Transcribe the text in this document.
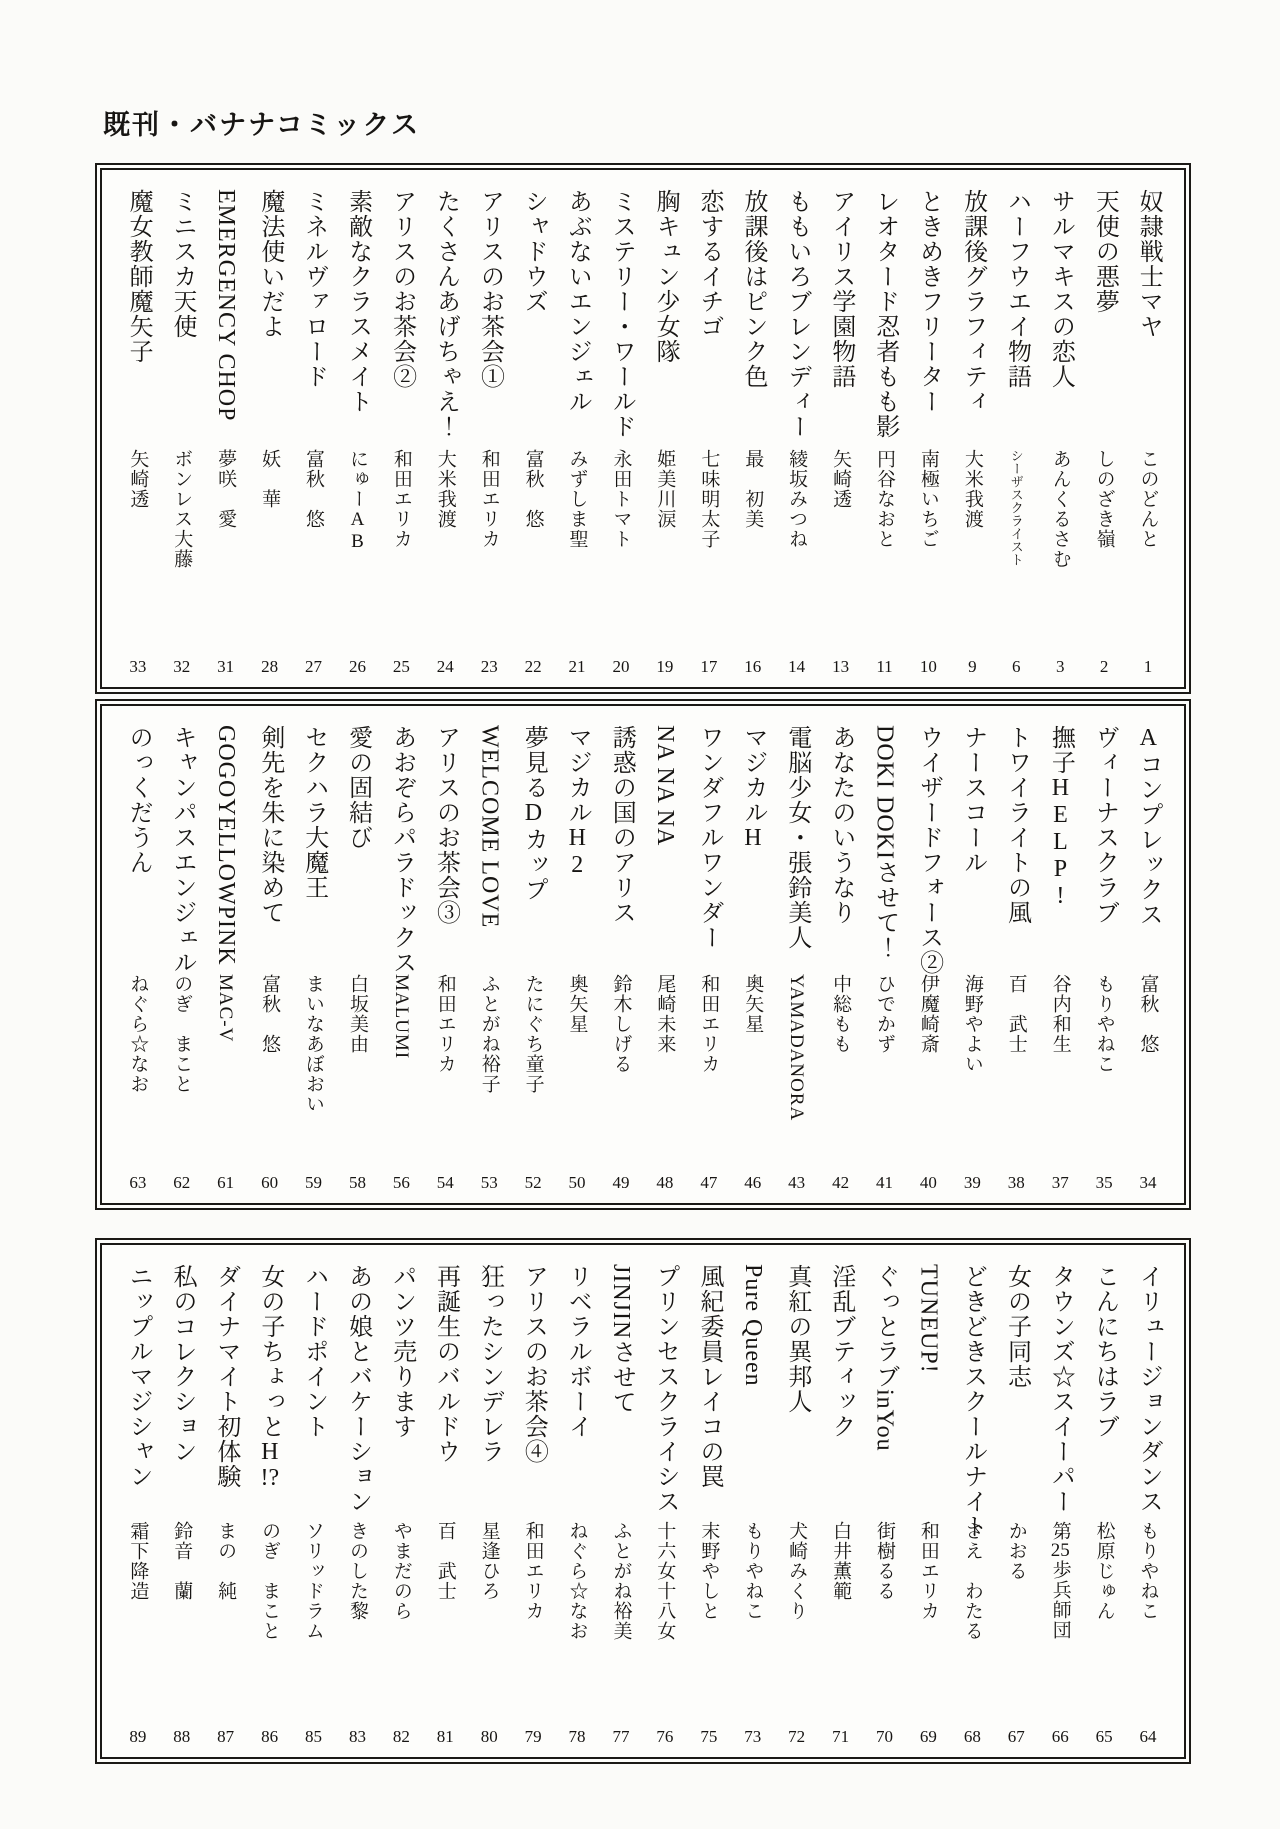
既刊・バナナコミックス
奴隷戦士マヤ
このどんと
1
天使の悪夢
しのざき嶺
2
サルマキスの恋人
あんくるさむ
3
ハーフウエイ物語
シーザスクライスト
6
放課後グラフィティ
大米我渡
9
ときめきフリーター
南極いちご
10
レオタード忍者もも影
円谷なおと
11
アイリス学園物語
矢崎透
13
ももいろブレンディー
綾坂みつね
14
放課後はピンク色
最　初美
16
恋するイチゴ
七味明太子
17
胸キュン少女隊
姫美川涙
19
ミステリー・ワールド
永田トマト
20
あぶないエンジェル
みずしま聖
21
シャドウズ
富秋　悠
22
アリスのお茶会①
和田エリカ
23
たくさんあげちゃえ！
大米我渡
24
アリスのお茶会②
和田エリカ
25
素敵なクラスメイト
にゅーAB
26
ミネルヴァロード
富秋　悠
27
魔法使いだよ
妖　華
28
EMERGENCY CHOP
夢咲　愛
31
ミニスカ天使
ボンレス大藤
32
魔女教師魔矢子
矢崎透
33
Aコンプレックス
富秋　悠
34
ヴィーナスクラブ
もりやねこ
35
撫子HELP!
谷内和生
37
トワイライトの風
百　武士
38
ナースコール
海野やよい
39
ウイザードフォース②
伊魔崎斎
40
DOKI DOKIさせて！
ひでかず
41
あなたのいうなり
中総もも
42
電脳少女・張鈴美人
YAMADANORA
43
マジカルH
奥矢星
46
ワンダフルワンダー
和田エリカ
47
NA NA NA
尾崎未来
48
誘惑の国のアリス
鈴木しげる
49
マジカルH2
奥矢星
50
夢見るDカップ
たにぐち童子
52
WELCOME LOVE
ふとがね裕子
53
アリスのお茶会③
和田エリカ
54
あおぞらパラドックス
MALUMI
56
愛の固結び
白坂美由
58
セクハラ大魔王
まいなあぼおい
59
剣先を朱に染めて
富秋　悠
60
GOGOYELLOWPINK
MAC-V
61
キャンパスエンジェル
のぎ　まこと
62
のっくだうん
ねぐら☆なお
63
イリュージョンダンス
もりやねこ
64
こんにちはラブ
松原じゅん
65
タウンズ☆スイーパー
第25歩兵師団
66
女の子同志
かおる
67
どきどきスクールナイト
さえ　わたる
68
TUNEUP!
和田エリカ
69
ぐっとラブinYou
街樹るる
70
淫乱ブティック
白井薫範
71
真紅の異邦人
犬崎みくり
72
Pure Queen
もりやねこ
73
風紀委員レイコの罠
末野やしと
75
プリンセスクライシス
十六女十八女
76
JINJINさせて
ふとがね裕美
77
リベラルボーイ
ねぐら☆なお
78
アリスのお茶会④
和田エリカ
79
狂ったシンデレラ
星逢ひろ
80
再誕生のバルドウ
百　武士
81
パンツ売ります
やまだのら
82
あの娘とバケーション
きのした黎
83
ハードポイント
ソリッドラム
85
女の子ちょっとH!?
のぎ　まこと
86
ダイナマイト初体験
まの　純
87
私のコレクション
鈴音　蘭
88
ニップルマジシャン
霜下降造
89
